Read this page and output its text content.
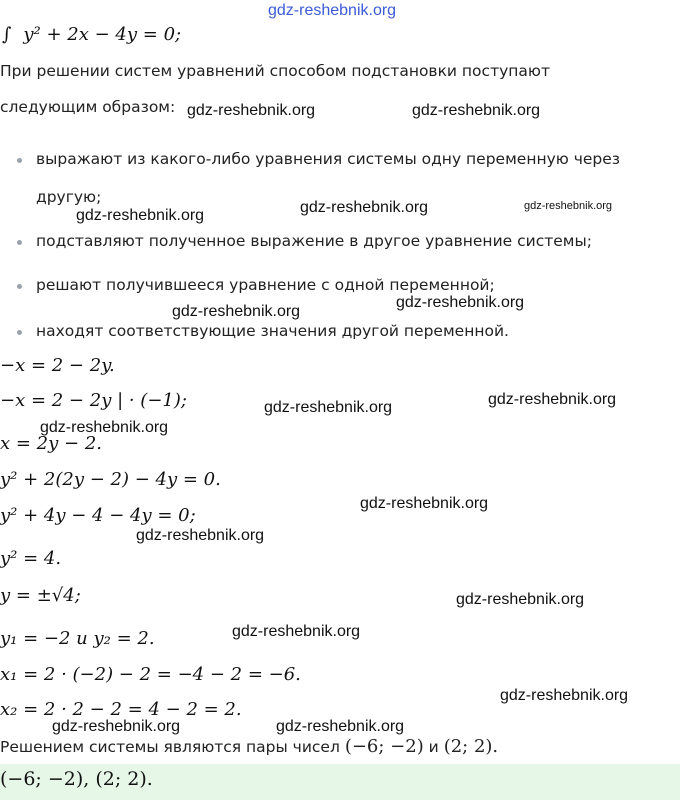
gdz-reshebnik.org
∫ y² + 2x − 4y = 0;
При решении систем уравнений способом подстановки поступают
следующим образом: gdz-reshebnik.org	gdz-reshebnik.org
выражают из какого-либо уравнения системы одну переменную через
другую;
gdz-reshebnik.org	gdz-reshebnik.org	gdz-reshebnik.org
подставляют полученное выражение в другое уравнение системы;
решают получившееся уравнение с одной переменной;
gdz-reshebnik.org
gdz-reshebnik.org
находят соответствующие значения другой переменной.
−x = 2 − 2y.
−x = 2 − 2y | · (−1);	gdz-reshebnik.org	gdz-reshebnik.org
gdz-reshebnik.org
x = 2y − 2.
y² + 2(2y − 2) − 4y = 0.
gdz-reshebnik.org
y² + 4y − 4 − 4y = 0;
gdz-reshebnik.org
y² = 4.
y = ±√4;	gdz-reshebnik.org
gdz-reshebnik.org
y₁ = −2 и y₂ = 2.
x₁ = 2 · (−2) − 2 = −4 − 2 = −6.
gdz-reshebnik.org
x₂ = 2 · 2 − 2 = 4 − 2 = 2.
gdz-reshebnik.org	gdz-reshebnik.org
Решением системы являются пары чисел (−6; −2) и (2; 2).
(−6; −2), (2; 2).
